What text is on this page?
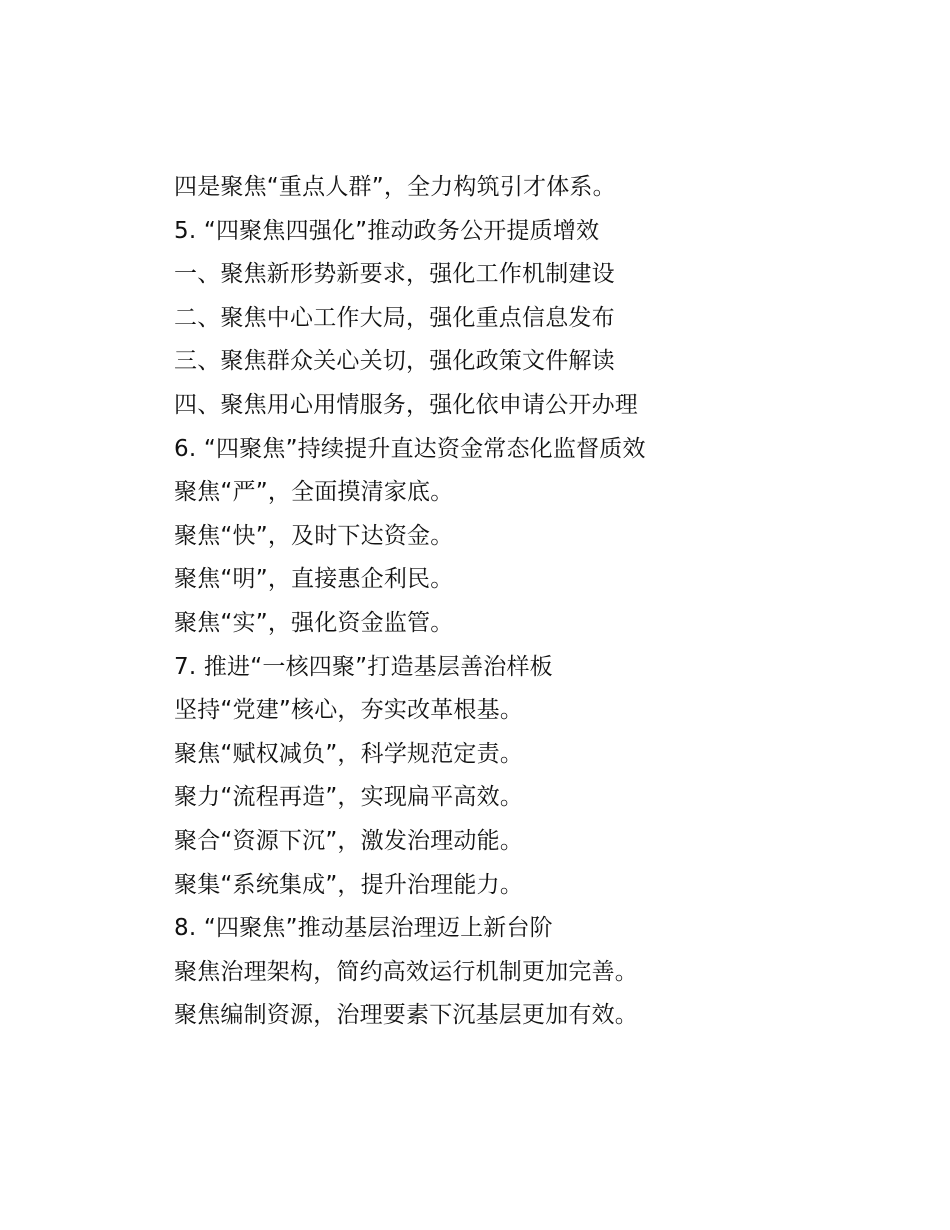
四是聚焦“重点人群”，全力构筑引才体系。
5. “四聚焦四强化”推动政务公开提质增效
一、聚焦新形势新要求，强化工作机制建设
二、聚焦中心工作大局，强化重点信息发布
三、聚焦群众关心关切，强化政策文件解读
四、聚焦用心用情服务，强化依申请公开办理
6. “四聚焦”持续提升直达资金常态化监督质效
聚焦“严”，全面摸清家底。
聚焦“快”，及时下达资金。
聚焦“明”，直接惠企利民。
聚焦“实”，强化资金监管。
7. 推进“一核四聚”打造基层善治样板
坚持“党建”核心，夯实改革根基。
聚焦“赋权减负”，科学规范定责。
聚力“流程再造”，实现扁平高效。
聚合“资源下沉”，激发治理动能。
聚集“系统集成”，提升治理能力。
8. “四聚焦”推动基层治理迈上新台阶
聚焦治理架构，简约高效运行机制更加完善。
聚焦编制资源，治理要素下沉基层更加有效。
